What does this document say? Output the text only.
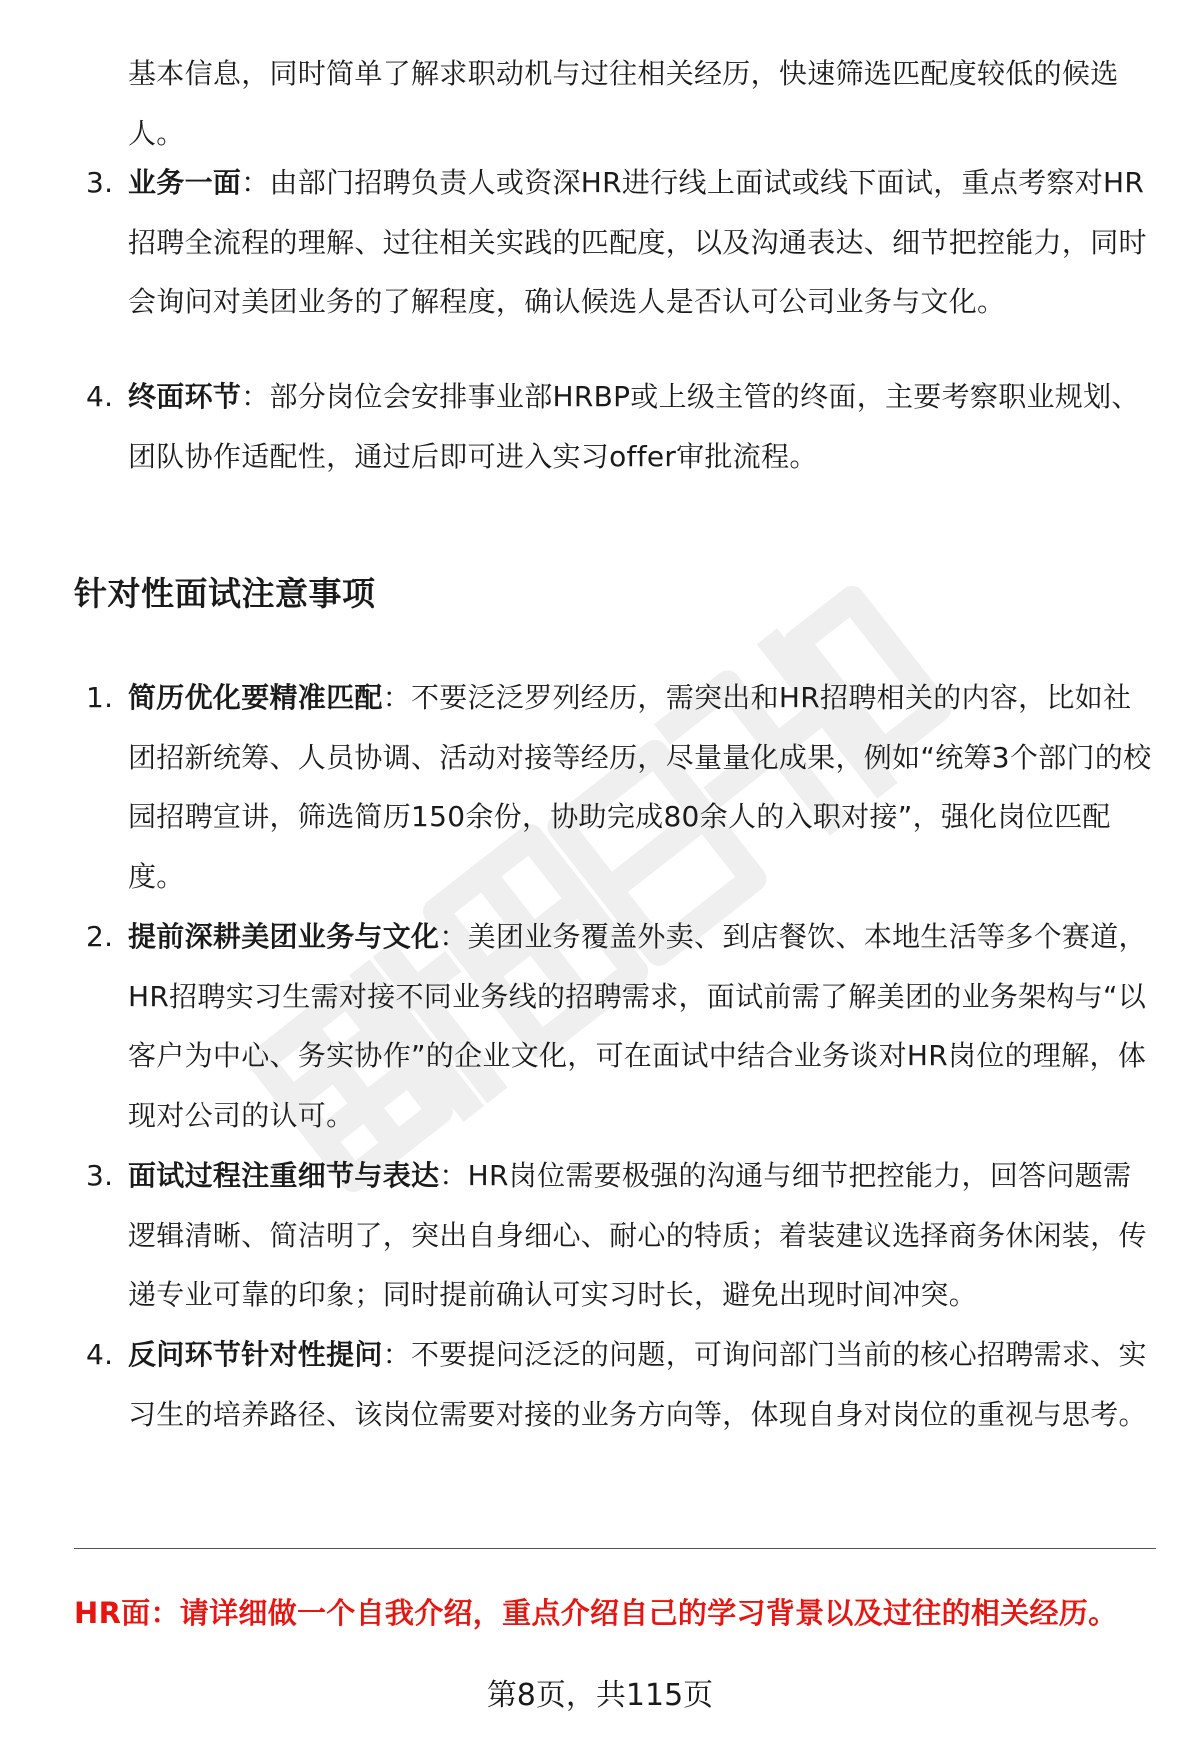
基本信息，同时简单了解求职动机与过往相关经历，快速筛选匹配度较低的候选人。
3. 业务一面：由部门招聘负责人或资深HR进行线上面试或线下面试，重点考察对HR招聘全流程的理解、过往相关实践的匹配度，以及沟通表达、细节把控能力，同时会询问对美团业务的了解程度，确认候选人是否认可公司业务与文化。
4. 终面环节：部分岗位会安排事业部HRBP或上级主管的终面，主要考察职业规划、团队协作适配性，通过后即可进入实习offer审批流程。
针对性面试注意事项
1. 简历优化要精准匹配：不要泛泛罗列经历，需突出和HR招聘相关的内容，比如社团招新统筹、人员协调、活动对接等经历，尽量量化成果，例如“统筹3个部门的校园招聘宣讲，筛选简历150余份，协助完成80余人的入职对接”，强化岗位匹配度。
2. 提前深耕美团业务与文化：美团业务覆盖外卖、到店餐饮、本地生活等多个赛道，HR招聘实习生需对接不同业务线的招聘需求，面试前需了解美团的业务架构与“以客户为中心、务实协作”的企业文化，可在面试中结合业务谈对HR岗位的理解，体现对公司的认可。
3. 面试过程注重细节与表达：HR岗位需要极强的沟通与细节把控能力，回答问题需逻辑清晰、简洁明了，突出自身细心、耐心的特质；着装建议选择商务休闲装，传递专业可靠的印象；同时提前确认可实习时长，避免出现时间冲突。
4. 反问环节针对性提问：不要提问泛泛的问题，可询问部门当前的核心招聘需求、实习生的培养路径、该岗位需要对接的业务方向等，体现自身对岗位的重视与思考。
HR面：请详细做一个自我介绍，重点介绍自己的学习背景以及过往的相关经历。
第8页，共115页
